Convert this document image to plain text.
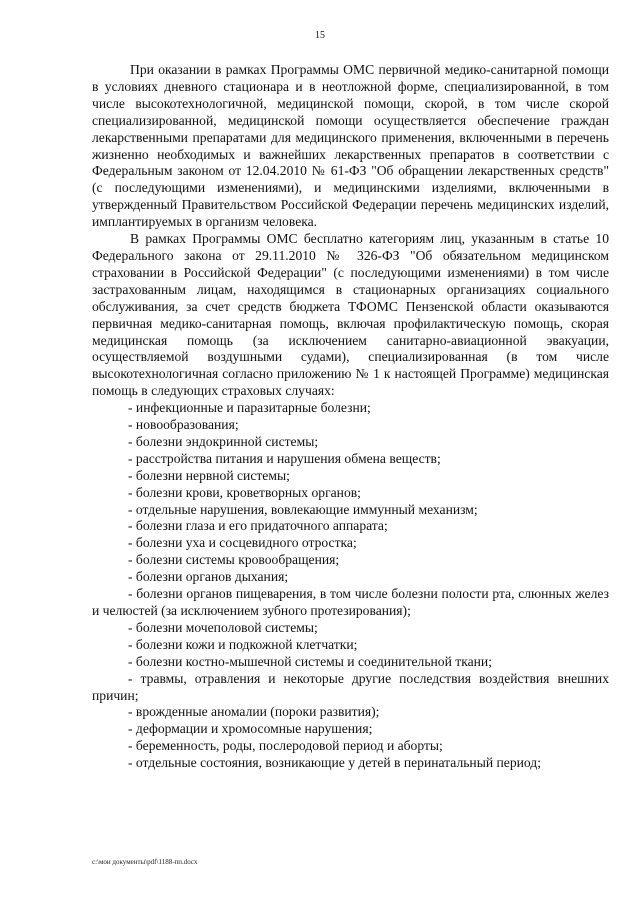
15

При оказании в рамках Программы ОМС первичной медико-санитарной помощи в условиях дневного стационара и в неотложной форме, специализированной, в том числе высокотехнологичной, медицинской помощи, скорой, в том числе скорой специализированной, медицинской помощи осуществляется обеспечение граждан лекарственными препаратами для медицинского применения, включенными в перечень жизненно необходимых и важнейших лекарственных препаратов в соответствии с Федеральным законом от 12.04.2010 № 61-ФЗ "Об обращении лекарственных средств" (с последующими изменениями), и медицинскими изделиями, включенными в утвержденный Правительством Российской Федерации перечень медицинских изделий, имплантируемых в организм человека.

В рамках Программы ОМС бесплатно категориям лиц, указанным в статье 10 Федерального закона от 29.11.2010 № 326-ФЗ "Об обязательном медицинском страховании в Российской Федерации" (с последующими изменениями) в том числе застрахованным лицам, находящимся в стационарных организациях социального обслуживания, за счет средств бюджета ТФОМС Пензенской области оказываются первичная медико-санитарная помощь, включая профилактическую помощь, скорая медицинская помощь (за исключением санитарно-авиационной эвакуации, осуществляемой воздушными судами), специализированная (в том числе высокотехнологичная согласно приложению № 1 к настоящей Программе) медицинская помощь в следующих страховых случаях:

- инфекционные и паразитарные болезни;
- новообразования;
- болезни эндокринной системы;
- расстройства питания и нарушения обмена веществ;
- болезни нервной системы;
- болезни крови, кроветворных органов;
- отдельные нарушения, вовлекающие иммунный механизм;
- болезни глаза и его придаточного аппарата;
- болезни уха и сосцевидного отростка;
- болезни системы кровообращения;
- болезни органов дыхания;
- болезни органов пищеварения, в том числе болезни полости рта, слюнных желез и челюстей (за исключением зубного протезирования);
- болезни мочеполовой системы;
- болезни кожи и подкожной клетчатки;
- болезни костно-мышечной системы и соединительной ткани;
- травмы, отравления и некоторые другие последствия воздействия внешних причин;
- врожденные аномалии (пороки развития);
- деформации и хромосомные нарушения;
- беременность, роды, послеродовой период и аборты;
- отдельные состояния, возникающие у детей в перинатальный период;
c:\мои документы\pdf\1188-пп.docx
